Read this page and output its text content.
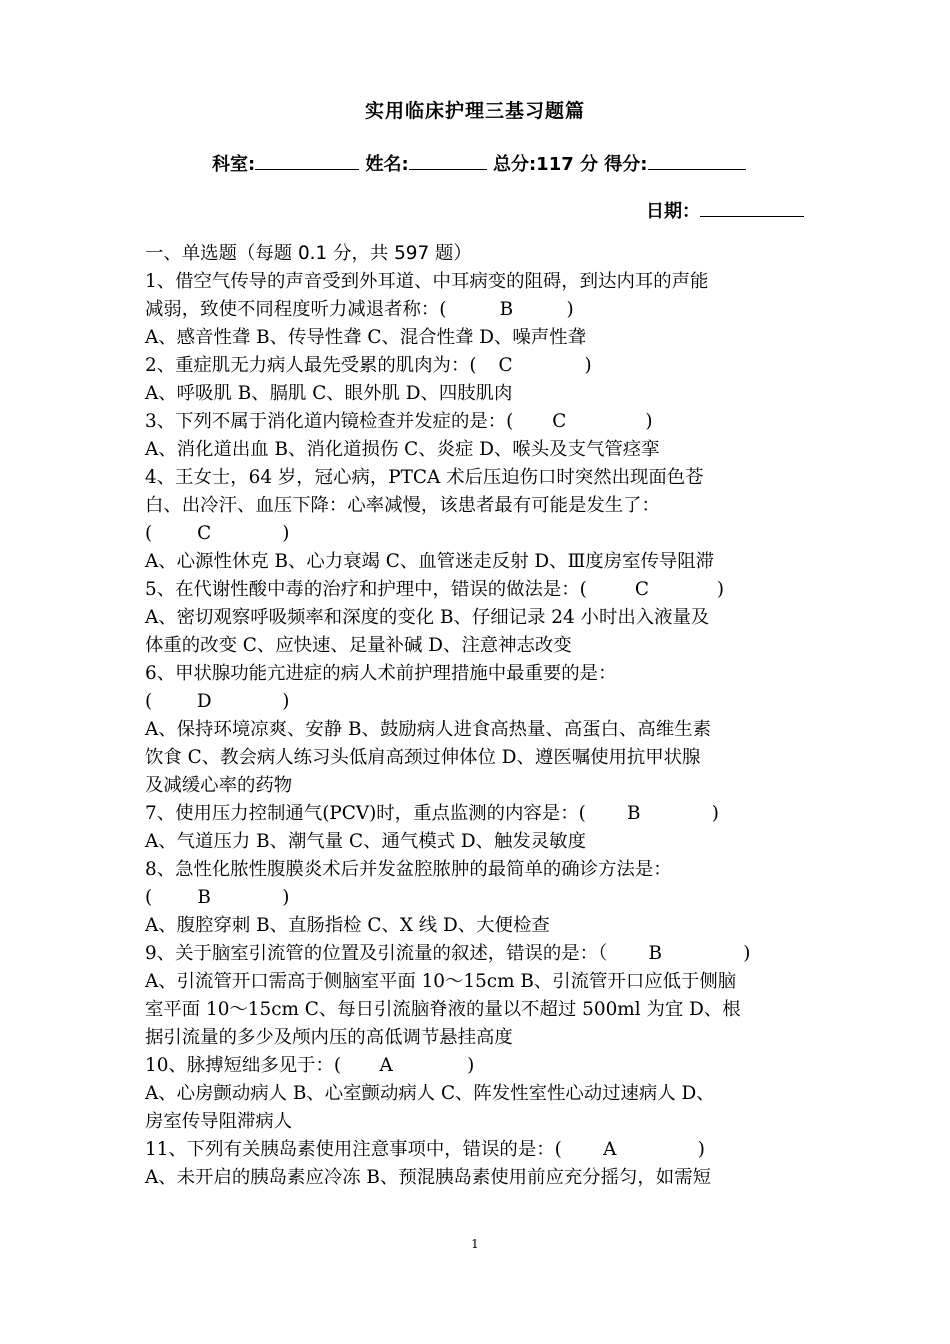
实用临床护理三基习题篇
科室:	姓名:	总分:117 分 得分:
日期：
一、单选题（每题 0.1 分，共 597 题）
1、借空气传导的声音受到外耳道、中耳病变的阻碍，到达内耳的声能
减弱，致使不同程度听力减退者称：(	B	)
A、感音性聋 B、传导性聋 C、混合性聋 D、噪声性聋
2、重症肌无力病人最先受累的肌肉为：( C	)
A、呼吸肌 B、膈肌 C、眼外肌 D、四肢肌肉
3、下列不属于消化道内镜检查并发症的是：( C	)
A、消化道出血 B、消化道损伤 C、炎症 D、喉头及支气管痉挛
4、王女士，64 岁，冠心病，PTCA 术后压迫伤口时突然出现面色苍
白、出冷汗、血压下降：心率减慢，该患者最有可能是发生了：
( C	)
A、心源性休克 B、心力衰竭 C、血管迷走反射 D、Ⅲ度房室传导阻滞
5、在代谢性酸中毒的治疗和护理中，错误的做法是：(	C	)
A、密切观察呼吸频率和深度的变化 B、仔细记录 24 小时出入液量及
体重的改变 C、应快速、足量补碱 D、注意神志改变
6、甲状腺功能亢进症的病人术前护理措施中最重要的是：
( D	)
A、保持环境凉爽、安静 B、鼓励病人进食高热量、高蛋白、高维生素
饮食 C、教会病人练习头低肩高颈过伸体位 D、遵医嘱使用抗甲状腺
及减缓心率的药物
7、使用压力控制通气(PCV)时，重点监测的内容是：( B	)
A、气道压力 B、潮气量 C、通气模式 D、触发灵敏度
8、急性化脓性腹膜炎术后并发盆腔脓肿的最简单的确诊方法是：
( B	)
A、腹腔穿刺 B、直肠指检 C、X 线 D、大便检查
9、关于脑室引流管的位置及引流量的叙述，错误的是：（ B	)
A、引流管开口需高于侧脑室平面 10～15cm B、引流管开口应低于侧脑
室平面 10～15cm C、每日引流脑脊液的量以不超过 500ml 为宜 D、根
据引流量的多少及颅内压的高低调节悬挂高度
10、脉搏短绌多见于：( A	)
A、心房颤动病人 B、心室颤动病人 C、阵发性室性心动过速病人 D、
房室传导阻滞病人
11、下列有关胰岛素使用注意事项中，错误的是：( A	)
A、未开启的胰岛素应冷冻 B、预混胰岛素使用前应充分摇匀，如需短
1
